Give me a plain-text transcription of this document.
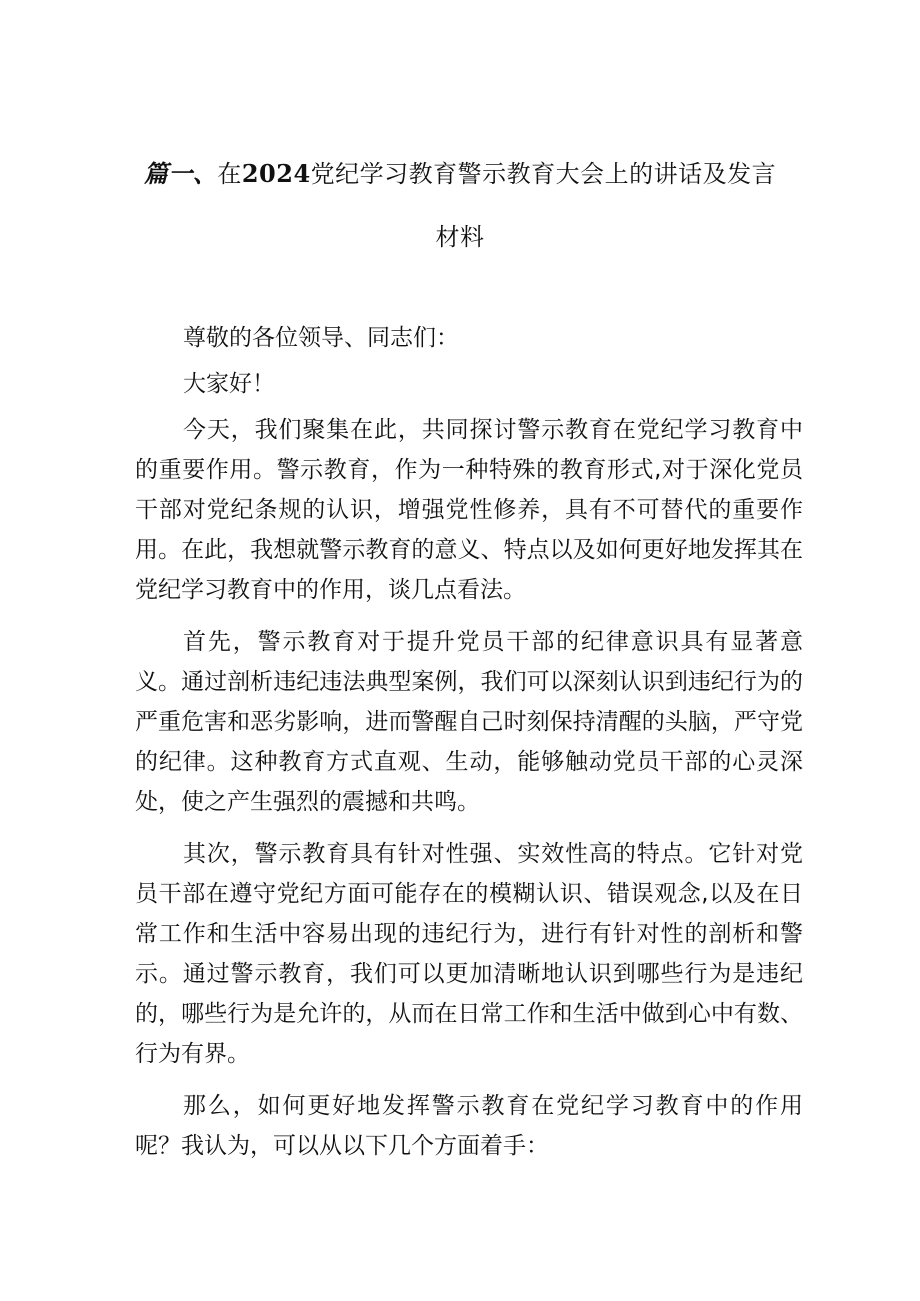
篇一、在2024党纪学习教育警示教育大会上的讲话及发言
材料

尊敬的各位领导、同志们：

大家好！

今天，我们聚集在此，共同探讨警示教育在党纪学习教育中的重要作用。警示教育，作为一种特殊的教育形式,对于深化党员干部对党纪条规的认识，增强党性修养，具有不可替代的重要作用。在此，我想就警示教育的意义、特点以及如何更好地发挥其在党纪学习教育中的作用，谈几点看法。

首先，警示教育对于提升党员干部的纪律意识具有显著意义。通过剖析违纪违法典型案例，我们可以深刻认识到违纪行为的严重危害和恶劣影响，进而警醒自己时刻保持清醒的头脑，严守党的纪律。这种教育方式直观、生动，能够触动党员干部的心灵深处，使之产生强烈的震撼和共鸣。

其次，警示教育具有针对性强、实效性高的特点。它针对党员干部在遵守党纪方面可能存在的模糊认识、错误观念,以及在日常工作和生活中容易出现的违纪行为，进行有针对性的剖析和警示。通过警示教育，我们可以更加清晰地认识到哪些行为是违纪的，哪些行为是允许的，从而在日常工作和生活中做到心中有数、行为有界。

那么，如何更好地发挥警示教育在党纪学习教育中的作用呢？我认为，可以从以下几个方面着手：
